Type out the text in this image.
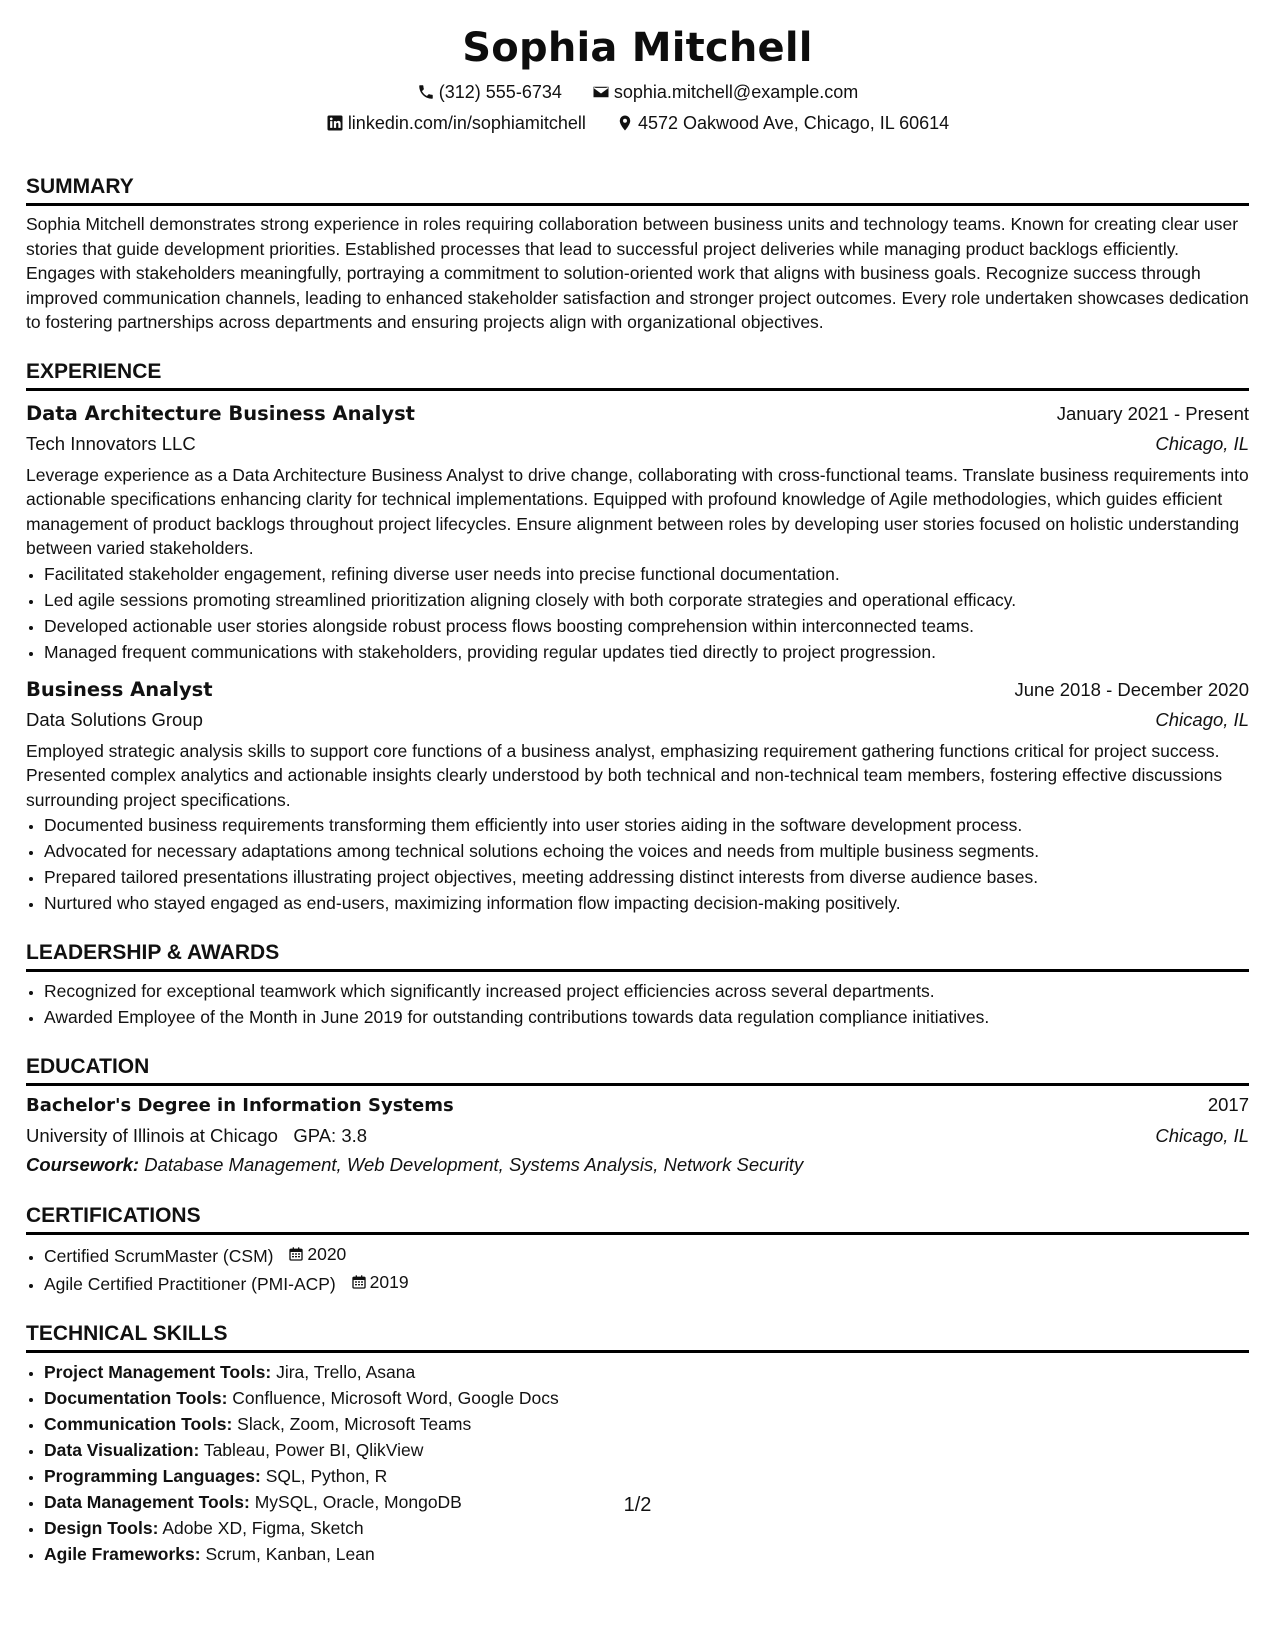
Sophia Mitchell
(312) 555-6734	sophia.mitchell@example.com
linkedin.com/in/sophiamitchell	4572 Oakwood Ave, Chicago, IL 60614
SUMMARY

Sophia Mitchell demonstrates strong experience in roles requiring collaboration between business units and technology teams. Known for creating clear user stories that guide development priorities. Established processes that lead to successful project deliveries while managing product backlogs efficiently. Engages with stakeholders meaningfully, portraying a commitment to solution-oriented work that aligns with business goals. Recognize success through improved communication channels, leading to enhanced stakeholder satisfaction and stronger project outcomes. Every role undertaken showcases dedication to fostering partnerships across departments and ensuring projects align with organizational objectives.

EXPERIENCE
Data Architecture Business Analyst	January 2021 - Present
Tech Innovators LLC	Chicago, IL

Leverage experience as a Data Architecture Business Analyst to drive change, collaborating with cross-functional teams. Translate business requirements into actionable specifications enhancing clarity for technical implementations. Equipped with profound knowledge of Agile methodologies, which guides efficient management of product backlogs throughout project lifecycles. Ensure alignment between roles by developing user stories focused on holistic understanding between varied stakeholders.

• Facilitated stakeholder engagement, refining diverse user needs into precise functional documentation.
• Led agile sessions promoting streamlined prioritization aligning closely with both corporate strategies and operational efficacy.
• Developed actionable user stories alongside robust process flows boosting comprehension within interconnected teams.
• Managed frequent communications with stakeholders, providing regular updates tied directly to project progression.
Business Analyst	June 2018 - December 2020
Data Solutions Group	Chicago, IL

Employed strategic analysis skills to support core functions of a business analyst, emphasizing requirement gathering functions critical for project success. Presented complex analytics and actionable insights clearly understood by both technical and non-technical team members, fostering effective discussions surrounding project specifications.

• Documented business requirements transforming them efficiently into user stories aiding in the software development process.
• Advocated for necessary adaptations among technical solutions echoing the voices and needs from multiple business segments.
• Prepared tailored presentations illustrating project objectives, meeting addressing distinct interests from diverse audience bases.
• Nurtured who stayed engaged as end-users, maximizing information flow impacting decision-making positively.
LEADERSHIP & AWARDS
• Recognized for exceptional teamwork which significantly increased project efficiencies across several departments.
• Awarded Employee of the Month in June 2019 for outstanding contributions towards data regulation compliance initiatives.
EDUCATION
Bachelor's Degree in Information Systems	2017
University of Illinois at Chicago GPA: 3.8	Chicago, IL
Coursework: Database Management, Web Development, Systems Analysis, Network Security
CERTIFICATIONS
• Certified ScrumMaster (CSM) 2020
• Agile Certified Practitioner (PMI-ACP) 2019
TECHNICAL SKILLS
• Project Management Tools: Jira, Trello, Asana
• Documentation Tools: Confluence, Microsoft Word, Google Docs
• Communication Tools: Slack, Zoom, Microsoft Teams
• Data Visualization: Tableau, Power BI, QlikView
• Programming Languages: SQL, Python, R
• Data Management Tools: MySQL, Oracle, MongoDB
• Design Tools: Adobe XD, Figma, Sketch
• Agile Frameworks: Scrum, Kanban, Lean
1/2
